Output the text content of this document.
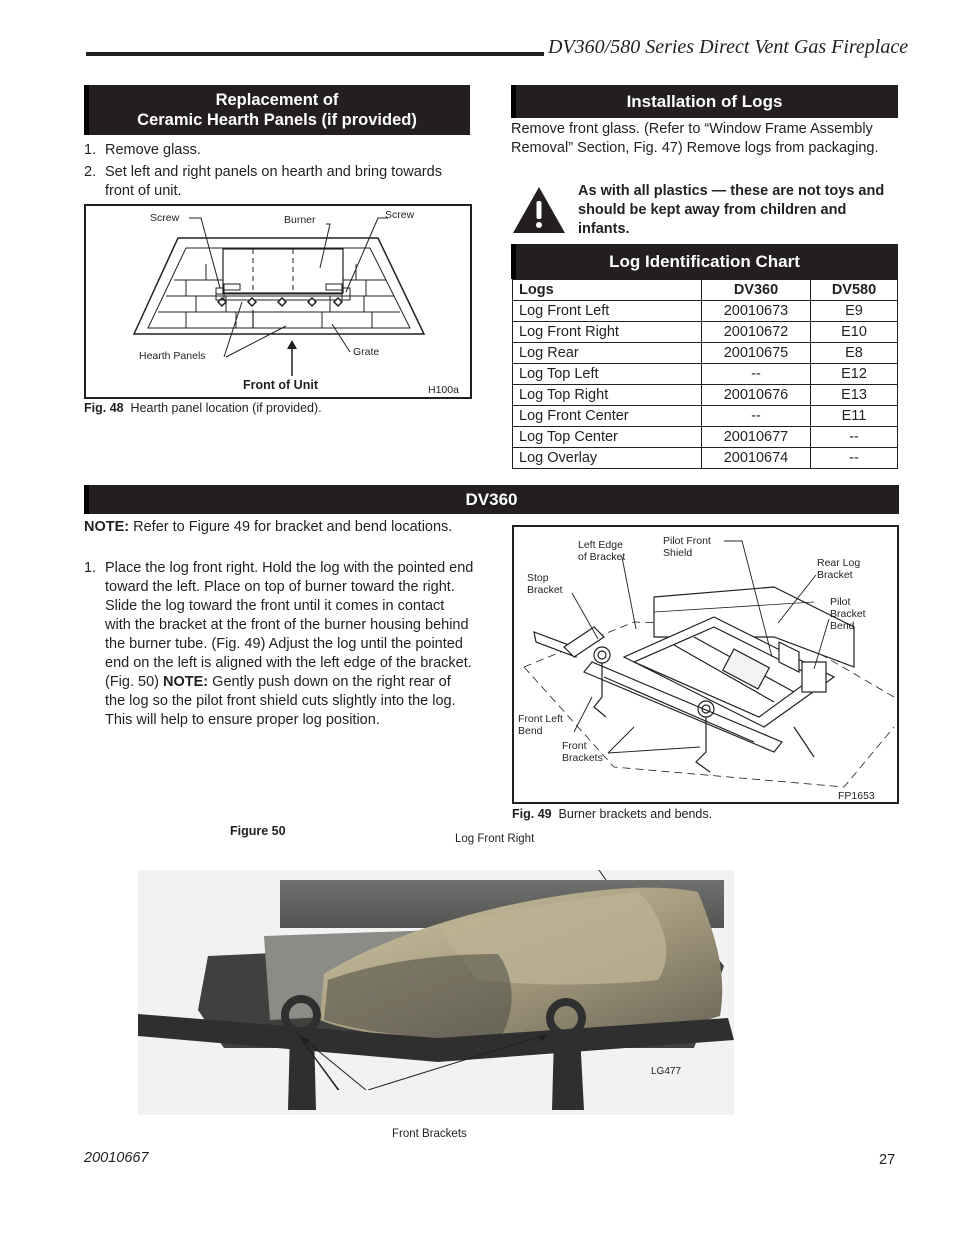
DV360/580 Series Direct Vent Gas Fireplace
Replacement of
Ceramic Hearth Panels (if provided)
1. Remove glass.
2. Set left and right panels on hearth and bring towards front of unit.
Screw	Burner	Screw
Hearth Panels	Grate
Front of Unit	H100a
Fig. 48 Hearth panel location (if provided).
Installation of Logs
Remove front glass. (Refer to “Window Frame Assembly Removal” Section, Fig. 47) Remove logs from packaging.
As with all plastics — these are not toys and should be kept away from children and infants.
Log Identification Chart
Logs	DV360	DV580
Log Front Left	20010673	E9
Log Front Right	20010672	E10
Log Rear	20010675	E8
Log Top Left	--	E12
Log Top Right	20010676	E13
Log Front Center	--	E11
Log Top Center	20010677	--
Log Overlay	20010674	--
DV360
NOTE: Refer to Figure 49 for bracket and bend locations.
1. Place the log front right. Hold the log with the pointed end toward the left. Place on top of burner toward the right. Slide the log toward the front until it comes in contact with the bracket at the front of the burner housing behind the burner tube. (Fig. 49) Adjust the log until the pointed end on the left is aligned with the left edge of the bracket. (Fig. 50) NOTE: Gently push down on the right rear of the log so the pilot front shield cuts slightly into the log. This will help to ensure proper log position.
Left Edge
of Bracket
Pilot Front
Shield
Rear Log
Bracket
Stop
Bracket
Pilot
Bracket
Bend
Front Left
Bend
Front
Brackets
FP1653
Fig. 49 Burner brackets and bends.
Figure 50
Log Front Right
LG477
Front Brackets
20010667	27
